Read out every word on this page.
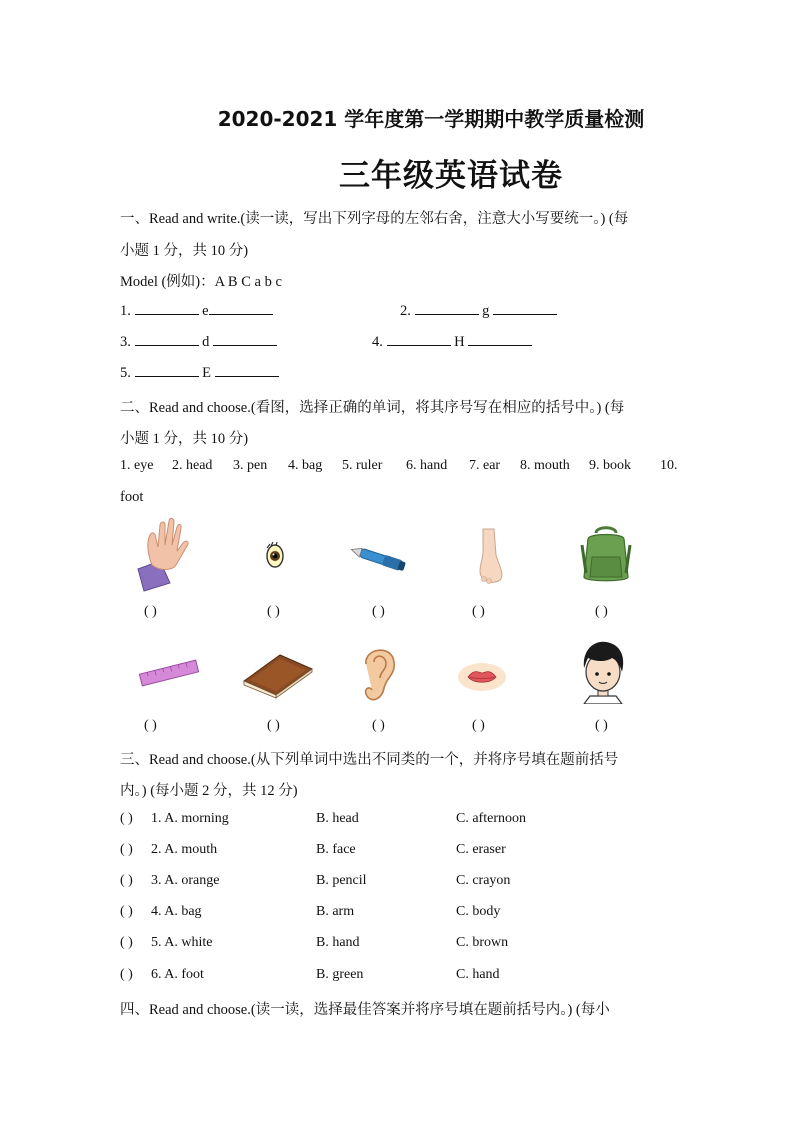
2020-2021 学年度第一学期期中教学质量检测
三年级英语试卷
一、Read and write.(读一读，写出下列字母的左邻右舍，注意大小写要统一。) (每
小题 1 分，共 10 分)
Model (例如)：A B C a b c
1.	e	2.	g
3.	d	4.	H
5.	E
二、Read and choose.(看图，选择正确的单词，将其序号写在相应的括号中。) (每
小题 1 分，共 10 分)
1. eye 2. head 3. pen 4. bag 5. ruler 6. hand 7. ear 8. mouth 9. book 10.
foot
( )	( )	( )	( )	( )
( )	( )	( )	( )	( )
三、Read and choose.(从下列单词中选出不同类的一个，并将序号填在题前括号
内。) (每小题 2 分，共 12 分)
( ) 1. A. morning	B. head	C. afternoon
( ) 2. A. mouth	B. face	C. eraser
( ) 3. A. orange	B. pencil	C. crayon
( ) 4. A. bag	B. arm	C. body
( ) 5. A. white	B. hand	C. brown
( ) 6. A. foot	B. green	C. hand
四、Read and choose.(读一读，选择最佳答案并将序号填在题前括号内。) (每小
